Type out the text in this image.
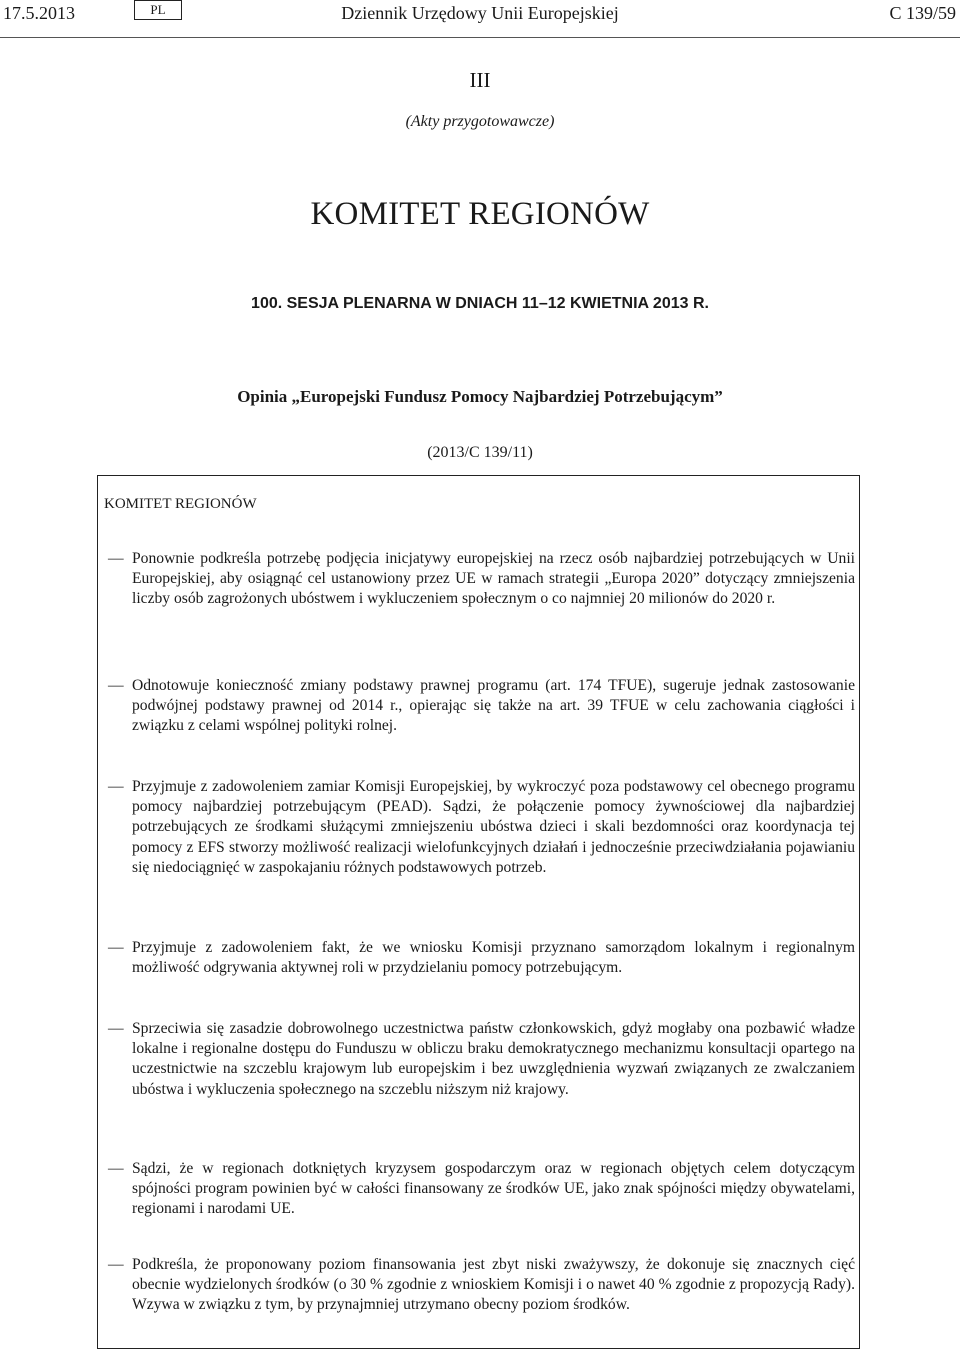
17.5.2013	PL	Dziennik Urzędowy Unii Europejskiej	C 139/59
III
(Akty przygotowawcze)
KOMITET REGIONÓW
100. SESJA PLENARNA W DNIACH 11–12 KWIETNIA 2013 R.
Opinia „Europejski Fundusz Pomocy Najbardziej Potrzebującym”
(2013/C 139/11)
KOMITET REGIONÓW
— Ponownie podkreśla potrzebę podjęcia inicjatywy europejskiej na rzecz osób najbardziej potrzebujących w Unii Europejskiej, aby osiągnąć cel ustanowiony przez UE w ramach strategii „Europa 2020” dotyczący zmniejszenia liczby osób zagrożonych ubóstwem i wykluczeniem społecznym o co najmniej 20 milionów do 2020 r.
— Odnotowuje konieczność zmiany podstawy prawnej programu (art. 174 TFUE), sugeruje jednak zastosowanie podwójnej podstawy prawnej od 2014 r., opierając się także na art. 39 TFUE w celu zachowania ciągłości i związku z celami wspólnej polityki rolnej.
— Przyjmuje z zadowoleniem zamiar Komisji Europejskiej, by wykroczyć poza podstawowy cel obecnego programu pomocy najbardziej potrzebującym (PEAD). Sądzi, że połączenie pomocy żywnościowej dla najbardziej potrzebujących ze środkami służącymi zmniejszeniu ubóstwa dzieci i skali bezdomności oraz koordynacja tej pomocy z EFS stworzy możliwość realizacji wielofunkcyjnych działań i jednocześnie przeciwdziałania pojawianiu się niedociągnięć w zaspokajaniu różnych podstawowych potrzeb.
— Przyjmuje z zadowoleniem fakt, że we wniosku Komisji przyznano samorządom lokalnym i regionalnym możliwość odgrywania aktywnej roli w przydzielaniu pomocy potrzebującym.
— Sprzeciwia się zasadzie dobrowolnego uczestnictwa państw członkowskich, gdyż mogłaby ona pozbawić władze lokalne i regionalne dostępu do Funduszu w obliczu braku demokratycznego mechanizmu konsultacji opartego na uczestnictwie na szczeblu krajowym lub europejskim i bez uwzględnienia wyzwań związanych ze zwalczaniem ubóstwa i wykluczenia społecznego na szczeblu niższym niż krajowy.
— Sądzi, że w regionach dotkniętych kryzysem gospodarczym oraz w regionach objętych celem dotyczącym spójności program powinien być w całości finansowany ze środków UE, jako znak spójności między obywatelami, regionami i narodami UE.
— Podkreśla, że proponowany poziom finansowania jest zbyt niski zważywszy, że dokonuje się znacznych cięć obecnie wydzielonych środków (o 30 % zgodnie z wnioskiem Komisji i o nawet 40 % zgodnie z propozycją Rady). Wzywa w związku z tym, by przynajmniej utrzymano obecny poziom środków.
